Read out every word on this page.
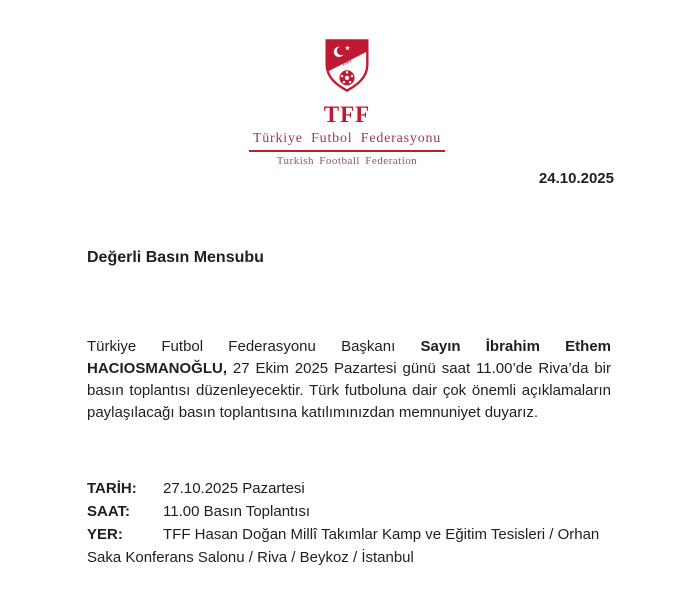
1923
TFF
Türkiye Futbol Federasyonu
Turkish Football Federation
24.10.2025
Değerli Basın Mensubu

Türkiye Futbol Federasyonu Başkanı Sayın İbrahim Ethem HACIOSMANOĞLU, 27 Ekim 2025 Pazartesi günü saat 11.00’de Riva’da bir basın toplantısı düzenleyecektir. Türk futboluna dair çok önemli açıklamaların paylaşılacağı basın toplantısına katılımınızdan memnuniyet duyarız.

TARİH: 27.10.2025 Pazartesi
SAAT: 11.00 Basın Toplantısı
YER:	TFF Hasan Doğan Millî Takımlar Kamp ve Eğitim Tesisleri / Orhan Saka Konferans Salonu / Riva / Beykoz / İstanbul
